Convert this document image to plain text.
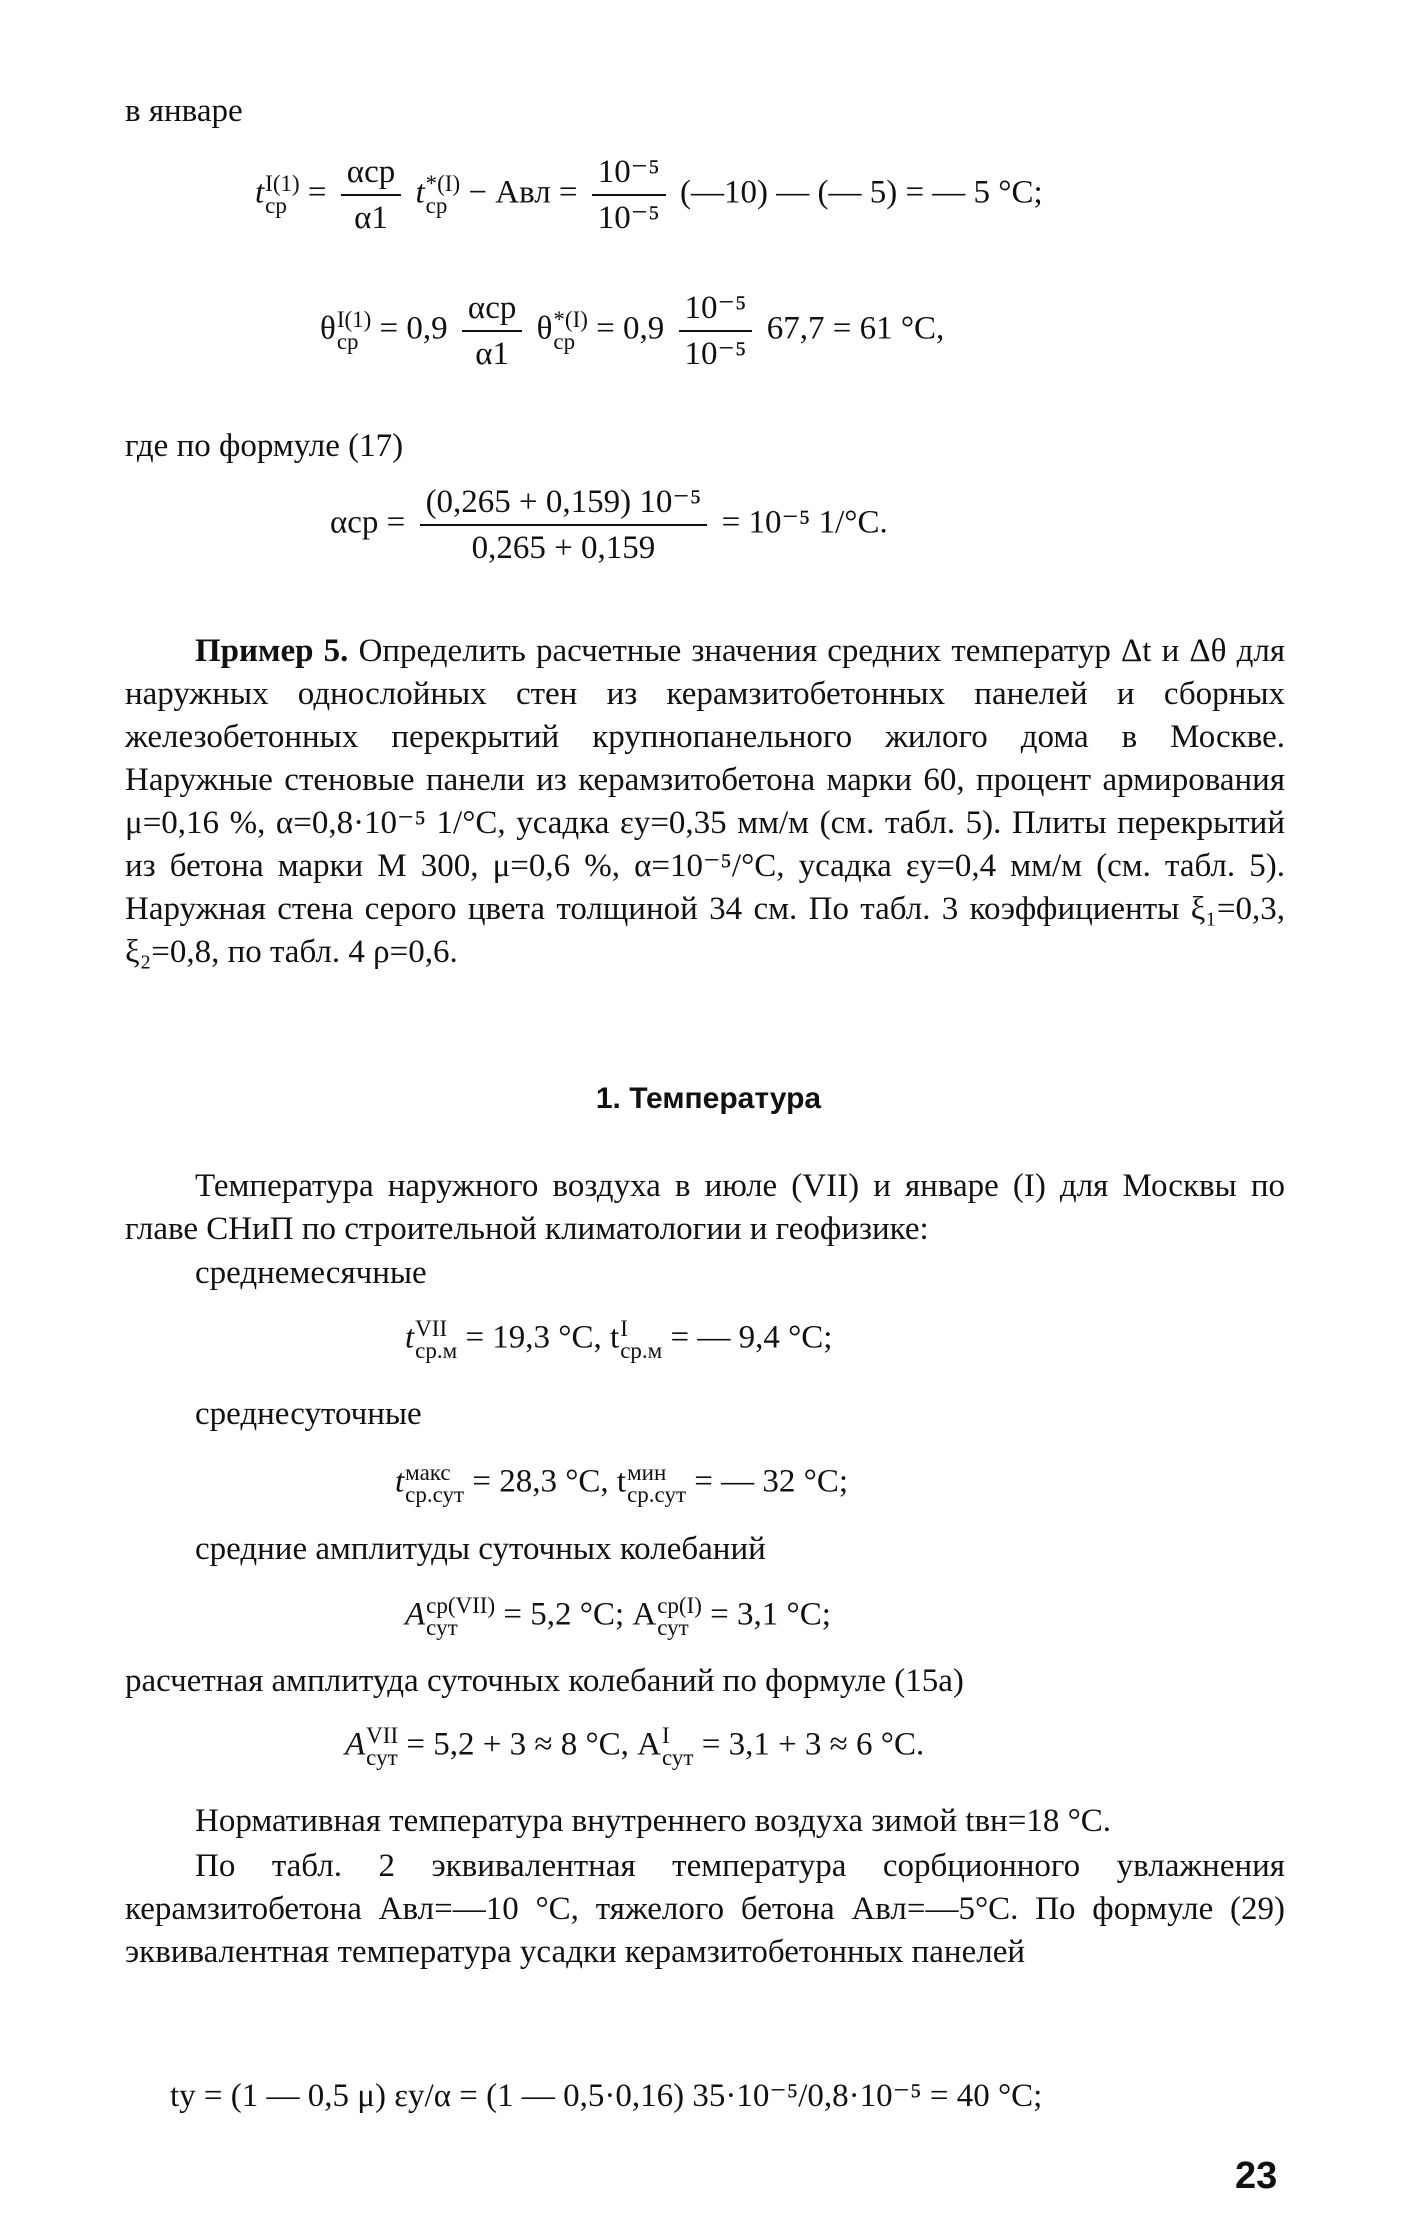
в январе

t I(1)
ср = $\frac{\text{αср}}{\alpha 1}$ t *(I)
ср − Авл = $\frac{\text{10⁻⁵}}{\text{10⁻⁵}}$ (—10) — (— 5) = — 5 °С;
θ I(1)
ср = $0,9 \frac{\text{αср}}{\alpha 1}$ θ *(I)
ср = $0,9 \frac{\text{10⁻⁵}}{\text{10⁻⁵}} 67,7 = 61$ °С,

где по формуле (17)

$\alpha ср = \frac{\text{(0,265 + 0,159) 10⁻⁵}}{0,265 + 0,159} = 10^{-5}$ 1/°С.

Пример 5. Определить расчетные значения средних температур Δt и Δθ для наружных однослойных стен из керамзитобетонных панелей и сборных железобетонных перекрытий крупнопанельного жилого дома в Москве. Наружные стеновые панели из керамзитобетона марки 60, процент армирования μ=0,16 %, α=0,8·10⁻⁵ 1/°С, усадка εу=0,35 мм/м (см. табл. 5). Плиты перекрытий из бетона марки М 300, μ=0,6 %, α=10⁻⁵/°С, усадка εу=0,4 мм/м (см. табл. 5). Наружная стена серого цвета толщиной 34 см. По табл. 3 коэффициенты ξ₁=0,3, ξ₂=0,8, по табл. 4 ρ=0,6.

1. Температура

Температура наружного воздуха в июле (VII) и январе (I) для Москвы по главе СНиП по строительной климатологии и геофизике:

среднемесячные

t VII
ср.м = 19,3 °С, t I
ср.м = — 9,4 °С;

среднесуточные

t макс
ср.сут = 28,3 °С, t мин
ср.сут = — 32 °С;

средние амплитуды суточных колебаний

A ср(VII)
сут	= 5,2 °С; A ср(I)
сут = 3,1 °С;

расчетная амплитуда суточных колебаний по формуле (15а)

A VII
сут = 5,2 + 3 ≈ 8 °С, A I
сут = 3,1 + 3 ≈ 6 °С.

Нормативная температура внутреннего воздуха зимой tвн=18 °С.

По табл. 2 эквивалентная температура сорбционного увлажнения керамзитобетона Авл=—10 °С, тяжелого бетона Авл=—5°С. По формуле (29) эквивалентная температура усадки керамзитобетонных панелей

tу = (1 — 0,5 μ) εу/α = (1 — 0,5·0,16) 35·10⁻⁵/0,8·10⁻⁵ = 40 °С;
23
